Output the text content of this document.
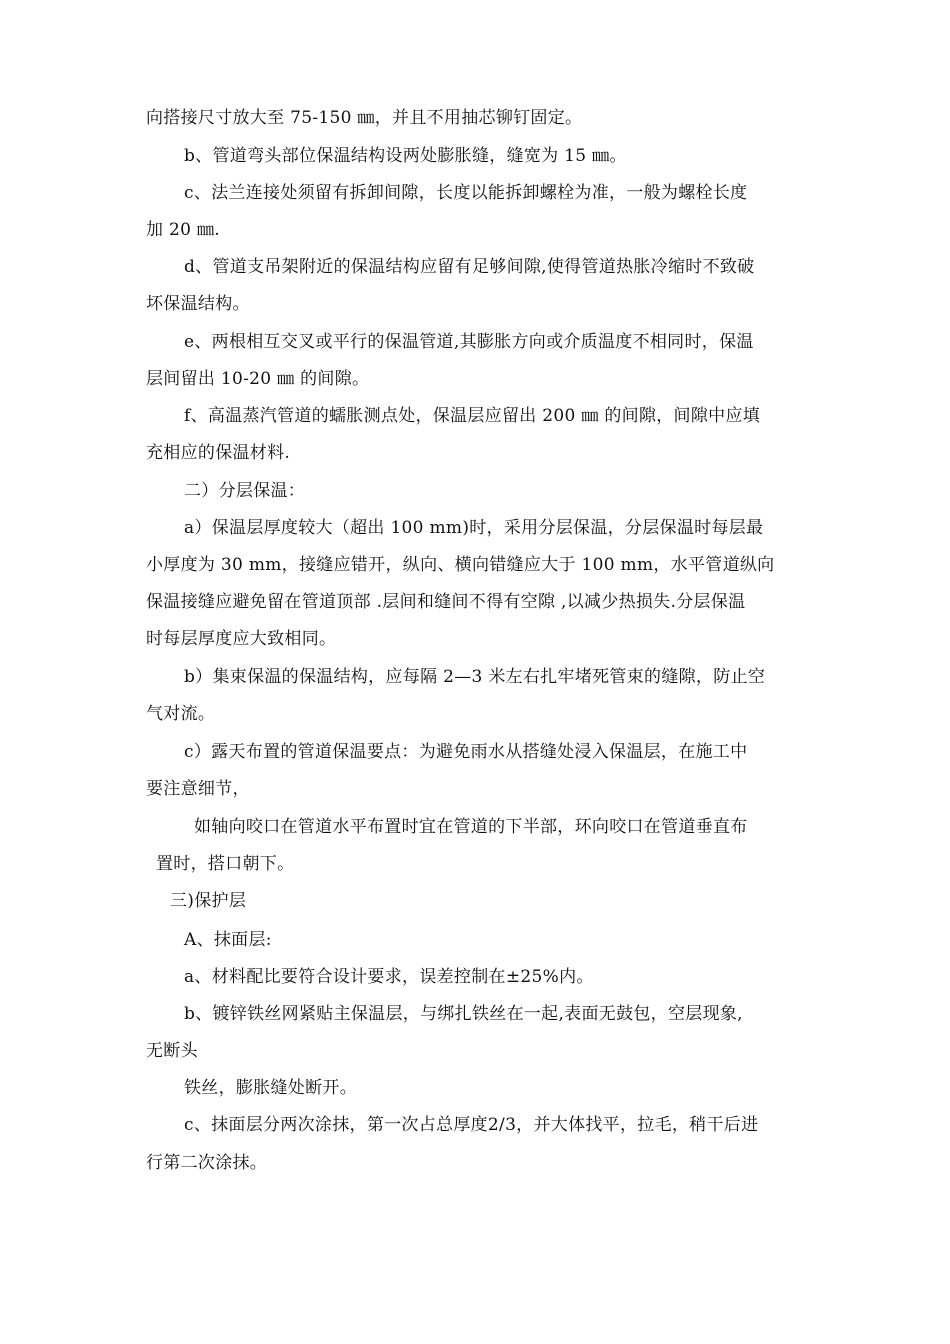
向搭接尺寸放大至 75-150 ㎜，并且不用抽芯铆钉固定。
b、管道弯头部位保温结构设两处膨胀缝，缝宽为 15 ㎜。
c、法兰连接处须留有拆卸间隙，长度以能拆卸螺栓为准，一般为螺栓长度
加 20 ㎜.
d、管道支吊架附近的保温结构应留有足够间隙,使得管道热胀冷缩时不致破
坏保温结构。
e、两根相互交叉或平行的保温管道,其膨胀方向或介质温度不相同时，保温
层间留出 10-20 ㎜ 的间隙。
f、高温蒸汽管道的蠕胀测点处，保温层应留出 200 ㎜ 的间隙，间隙中应填
充相应的保温材料.
二）分层保温：
a）保温层厚度较大（超出 100 mm)时，采用分层保温，分层保温时每层最
小厚度为 30 mm，接缝应错开，纵向、横向错缝应大于 100 mm，水平管道纵向
保温接缝应避免留在管道顶部 .层间和缝间不得有空隙 ,以减少热损失.分层保温
时每层厚度应大致相同。
b）集束保温的保温结构，应每隔 2—3 米左右扎牢堵死管束的缝隙，防止空
气对流。
c）露天布置的管道保温要点：为避免雨水从搭缝处浸入保温层，在施工中
要注意细节，
如轴向咬口在管道水平布置时宜在管道的下半部，环向咬口在管道垂直布
置时，搭口朝下。
三)保护层
A、抹面层:
a、材料配比要符合设计要求，误差控制在±25%内。
b、镀锌铁丝网紧贴主保温层，与绑扎铁丝在一起,表面无鼓包，空层现象,
无断头
铁丝，膨胀缝处断开。
c、抹面层分两次涂抹，第一次占总厚度2/3，并大体找平，拉毛，稍干后进
行第二次涂抹。
